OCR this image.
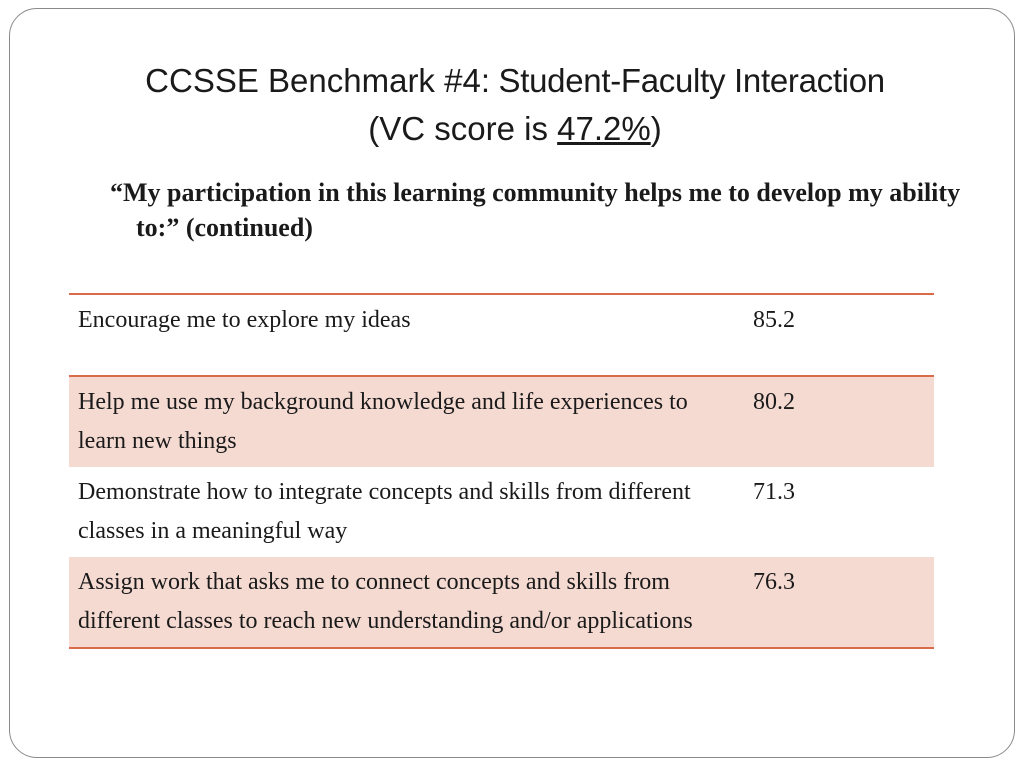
CCSSE Benchmark #4: Student-Faculty Interaction
(VC score is 47.2%)
“My participation in this learning community helps me to develop my ability to:” (continued)
Encourage me to explore my ideas	85.2
Help me use my background knowledge and life experiences to learn new things	80.2
Demonstrate how to integrate concepts and skills from different classes in a meaningful way	71.3
Assign work that asks me to connect concepts and skills from different classes to reach new understanding and/or applications	76.3
